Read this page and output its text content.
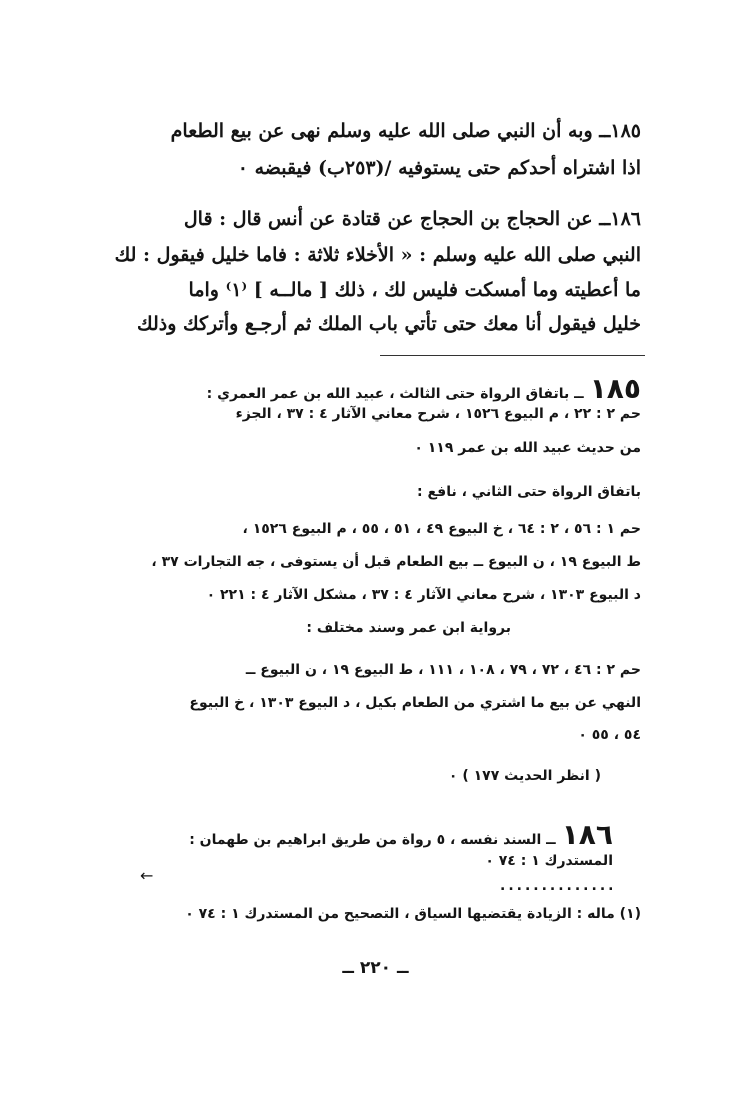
١٨٥ــ وبه أن النبي صلى الله عليه وسلم نهى عن بيع الطعام
اذا اشتراه أحدكم حتى يستوفيه /(٢٥٣ب) فيقبضه ٠
١٨٦ــ عن الحجاج بن الحجاج عن قتادة عن أنس قال : قال
النبي صلى الله عليه وسلم : « الأخلاء ثلاثة : فاما خليل فيقول : لك
ما أعطيته وما أمسكت فليس لك ، ذلك [ مالــه ] ⁽١⁾ واما
خليل فيقول أنا معك حتى تأتي باب الملك ثم أرجـع وأتركك وذلك
١٨٥ــ باتفاق الرواة حتى الثالث ، عبيد الله بن عمر العمري :
حم ٢ : ٢٢ ، م البيوع ١٥٢٦ ، شرح معاني الآثار ٤ : ٣٧ ، الجزء
من حديث عبيد الله بن عمر ١١٩ ٠
باتفاق الرواة حتى الثاني ، نافع :
حم ١ : ٥٦ ، ٢ : ٦٤ ، خ البيوع ٤٩ ، ٥١ ، ٥٥ ، م البيوع ١٥٢٦ ،
ط البيوع ١٩ ، ن البيوع ــ بيع الطعام قبل أن يستوفى ، جه التجارات ٣٧ ،
د البيوع ١٣٠٣ ، شرح معاني الآثار ٤ : ٣٧ ، مشكل الآثار ٤ : ٢٢١ ٠
برواية ابن عمر وسند مختلف :
حم ٢ : ٤٦ ، ٧٢ ، ٧٩ ، ١٠٨ ، ١١١ ، ط البيوع ١٩ ، ن البيوع ــ
النهي عن بيع ما اشتري من الطعام بكيل ، د البيوع ١٣٠٣ ، خ البيوع
٥٤ ، ٥٥ ٠
( انظر الحديث ١٧٧ ) ٠
١٨٦ــ السند نفسه ، ٥ رواة من طريق ابراهيم بن طهمان :
المستدرك ١ : ٧٤ ٠
←
..............
(١) ماله : الزيادة يقتضيها السياق ، التصحيح من المستدرك ١ : ٧٤ ٠
ــ ٢٢٠ ــ
